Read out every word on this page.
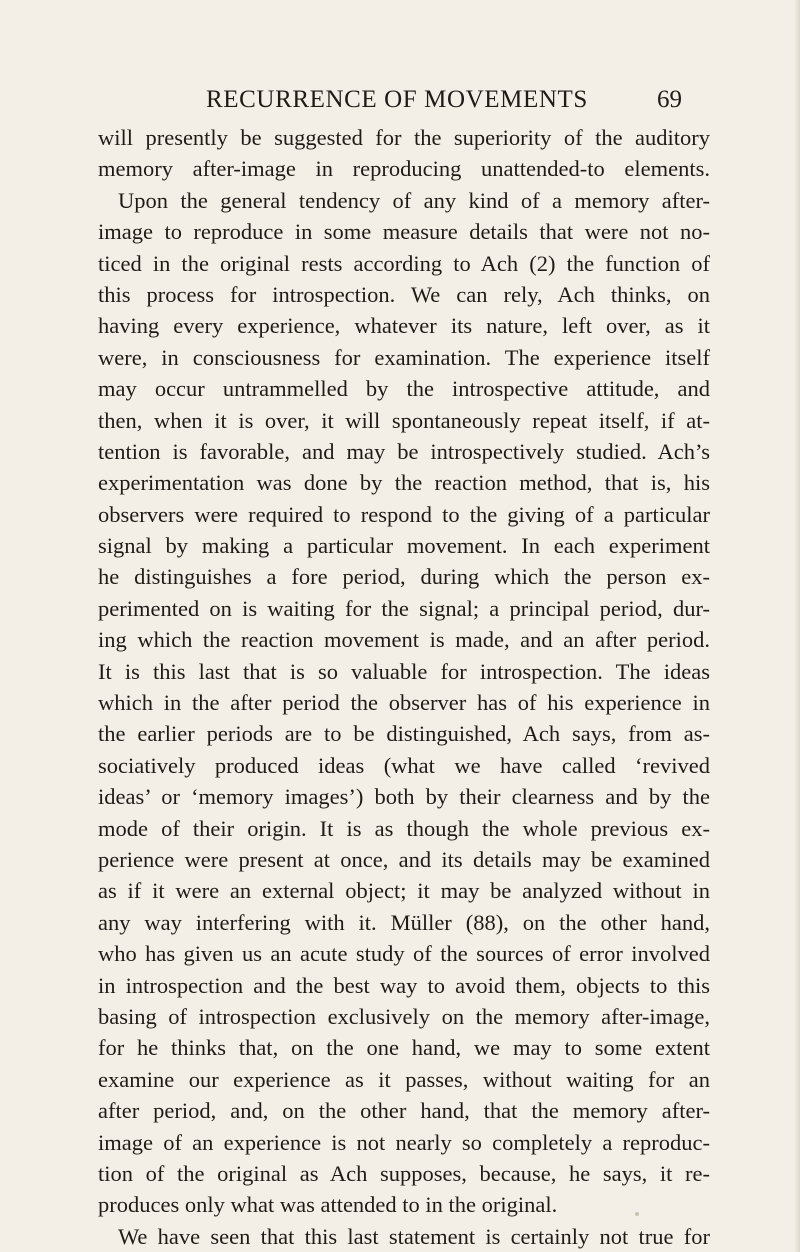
RECURRENCE OF MOVEMENTS	69
will presently be suggested for the superiority of the auditory
memory after-image in reproducing unattended-to elements.
Upon the general tendency of any kind of a memory after-
image to reproduce in some measure details that were not no-
ticed in the original rests according to Ach (2) the function of
this process for introspection. We can rely, Ach thinks, on
having every experience, whatever its nature, left over, as it
were, in consciousness for examination. The experience itself
may occur untrammelled by the introspective attitude, and
then, when it is over, it will spontaneously repeat itself, if at-
tention is favorable, and may be introspectively studied. Ach’s
experimentation was done by the reaction method, that is, his
observers were required to respond to the giving of a particular
signal by making a particular movement. In each experiment
he distinguishes a fore period, during which the person ex-
perimented on is waiting for the signal; a principal period, dur-
ing which the reaction movement is made, and an after period.
It is this last that is so valuable for introspection. The ideas
which in the after period the observer has of his experience in
the earlier periods are to be distinguished, Ach says, from as-
sociatively produced ideas (what we have called ‘revived
ideas’ or ‘memory images’) both by their clearness and by the
mode of their origin. It is as though the whole previous ex-
perience were present at once, and its details may be examined
as if it were an external object; it may be analyzed without in
any way interfering with it. Müller (88), on the other hand,
who has given us an acute study of the sources of error involved
in introspection and the best way to avoid them, objects to this
basing of introspection exclusively on the memory after-image,
for he thinks that, on the one hand, we may to some extent
examine our experience as it passes, without waiting for an
after period, and, on the other hand, that the memory after-
image of an experience is not nearly so completely a reproduc-
tion of the original as Ach supposes, because, he says, it re-
produces only what was attended to in the original.
We have seen that this last statement is certainly not true for
